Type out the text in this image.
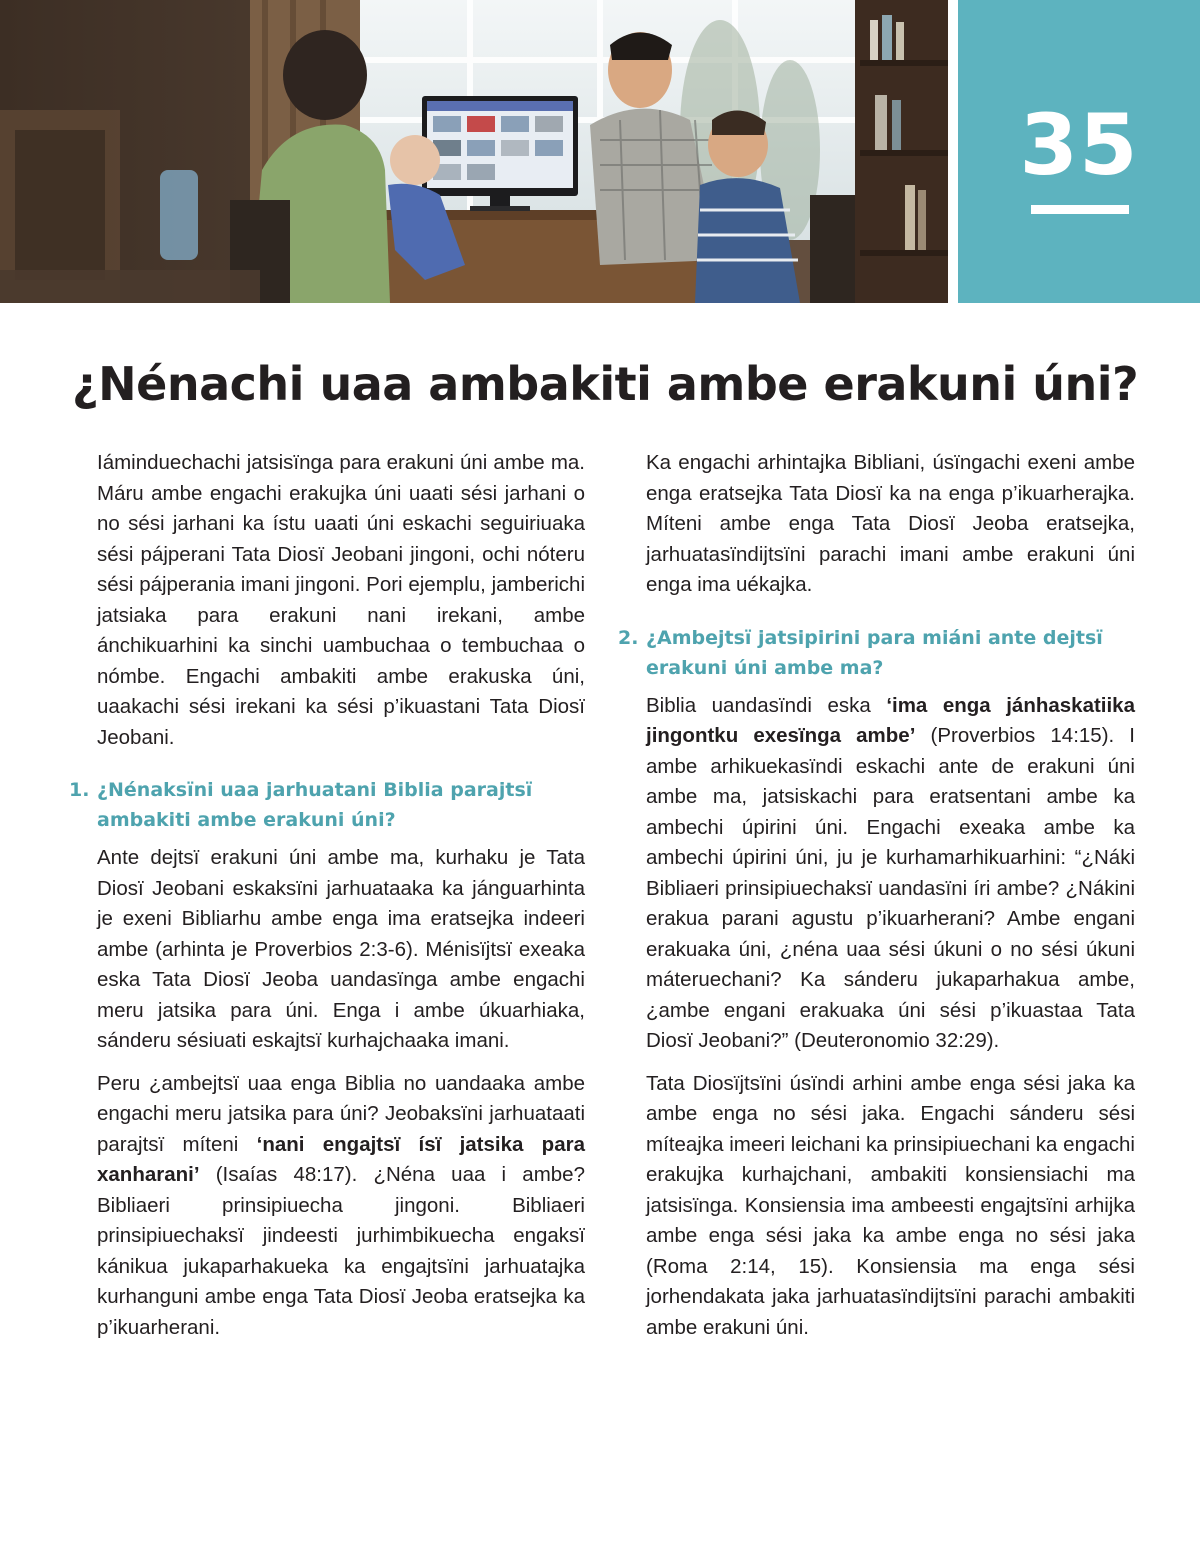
35
¿Nénachi uaa ambakiti ambe erakuni úni?

Iáminduechachi jatsisïnga para erakuni úni ambe ma. Máru ambe engachi erakujka úni uaati sési jarhani o no sési jarhani ka ístu uaati úni eskachi seguiriuaka sési pájperani Tata Diosï Jeobani jingoni, ochi nóteru sési pájperania imani jingoni. Pori ejemplu, jamberichi jatsiaka para erakuni nani irekani, ambe ánchikuarhini ka sinchi uambuchaa o tembuchaa o nómbe. Engachi ambakiti ambe erakuska úni, uaakachi sési irekani ka sési p’ikuastani Tata Diosï Jeobani.

1. ¿Nénaksïni uaa jarhuatani Biblia parajtsï ambakiti ambe erakuni úni?

Ante dejtsï erakuni úni ambe ma, kurhaku je Tata Diosï Jeobani eskaksïni jarhuataaka ka jánguarhinta je exeni Bibliarhu ambe enga ima eratsejka indeeri ambe (arhinta je Proverbios 2:3-6). Ménisïjtsï exeaka eska Tata Diosï Jeoba uandasïnga ambe engachi meru jatsika para úni. Enga i ambe úkuarhiaka, sánderu sésiuati eskajtsï kurhajchaaka imani.

Peru ¿ambejtsï uaa enga Biblia no uandaaka ambe engachi meru jatsika para úni? Jeobaksïni jarhuataati parajtsï míteni ‘nani engajtsï ísï jatsika para xanharani’ (Isaías 48:17). ¿Néna uaa i ambe? Bibliaeri prinsipiuecha jingoni. Bibliaeri prinsipiuechaksï jindeesti jurhimbikuecha engaksï kánikua jukaparhakueka ka engajtsïni jarhuatajka kurhanguni ambe enga Tata Diosï Jeoba eratsejka ka p’ikuarherani.

Ka engachi arhintajka Bibliani, úsïngachi exeni ambe enga eratsejka Tata Diosï ka na enga p’ikuarherajka. Míteni ambe enga Tata Diosï Jeoba eratsejka, jarhuatasïndijtsïni parachi imani ambe erakuni úni enga ima uékajka.

2. ¿Ambejtsï jatsipirini para miáni ante dejtsï erakuni úni ambe ma?

Biblia uandasïndi eska ‘ima enga jánhaskatiika jingontku exesïnga ambe’ (Proverbios 14:15). I ambe arhikuekasïndi eskachi ante de erakuni úni ambe ma, jatsiskachi para eratsentani ambe ka ambechi úpirini úni. Engachi exeaka ambe ka ambechi úpirini úni, ju je kurhamarhikuarhini: “¿Náki Bibliaeri prinsipiuechaksï uandasïni íri ambe? ¿Nákini erakua parani agustu p’ikuarherani? Ambe engani erakuaka úni, ¿néna uaa sési úkuni o no sési úkuni máteruechani? Ka sánderu jukaparhakua ambe, ¿ambe engani erakuaka úni sési p’ikuastaa Tata Diosï Jeobani?” (Deuteronomio 32:29).

Tata Diosïjtsïni úsïndi arhini ambe enga sési jaka ka ambe enga no sési jaka. Engachi sánderu sési míteajka imeeri leichani ka prinsipiuechani ka engachi erakujka kurhajchani, ambakiti konsiensiachi ma jatsisïnga. Konsiensia ima ambeesti engajtsïni arhijka ambe enga sési jaka ka ambe enga no sési jaka (Roma 2:14, 15). Konsiensia ma enga sési jorhendakata jaka jarhuatasïndijtsïni parachi ambakiti ambe erakuni úni.
